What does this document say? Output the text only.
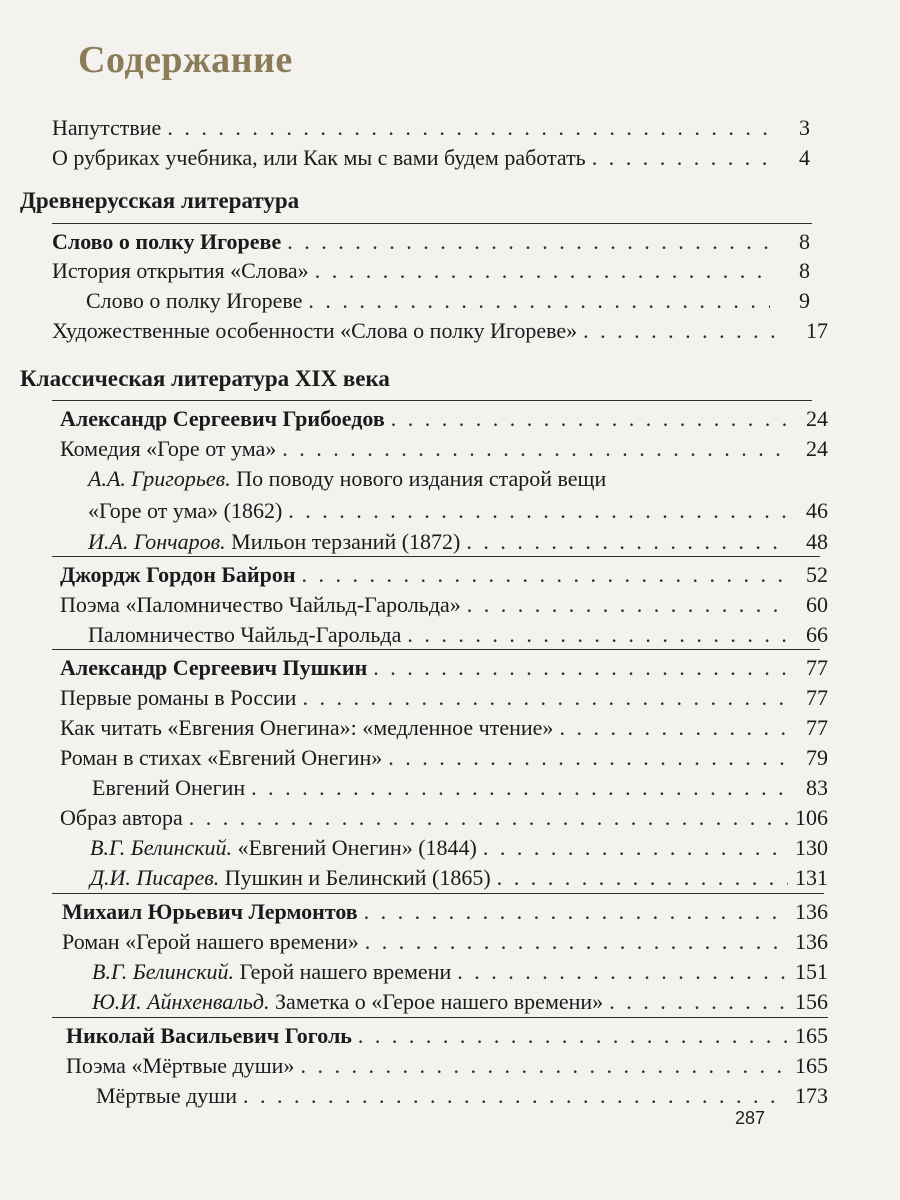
Содержание
Напутствие . . .	3
О рубриках учебника, или Как мы с вами будем работать . . .	4
Древнерусская литература
Слово о полку Игореве . . .	8
История открытия «Слова» . . .	8
Слово о полку Игореве . . .	9
Художественные особенности «Слова о полку Игореве» . . .	17
Классическая литература XIX века
Александр Сергеевич Грибоедов . . .	24
Комедия «Горе от ума» . . .	24
А.А. Григорьев. По поводу нового издания старой вещи
«Горе от ума» (1862) . . .	46
И.А. Гончаров. Мильон терзаний (1872) . . .	48
Джордж Гордон Байрон . . .	52
Поэма «Паломничество Чайльд-Гарольда» . . .	60
Паломничество Чайльд-Гарольда . . .	66
Александр Сергеевич Пушкин . . .	77
Первые романы в России . . .	77
Как читать «Евгения Онегина»: «медленное чтение» . . .	77
Роман в стихах «Евгений Онегин» . . .	79
Евгений Онегин . . .	83
Образ автора . . .	106
В.Г. Белинский. «Евгений Онегин» (1844) . . .	130
Д.И. Писарев. Пушкин и Белинский (1865) . . .	131
Михаил Юрьевич Лермонтов . . .	136
Роман «Герой нашего времени» . . .	136
В.Г. Белинский. Герой нашего времени . . .	151
Ю.И. Айнхенвальд. Заметка о «Герое нашего времени» . . .	156
Николай Васильевич Гоголь . . .	165
Поэма «Мёртвые души» . . .	165
Мёртвые души . . .	173
287
